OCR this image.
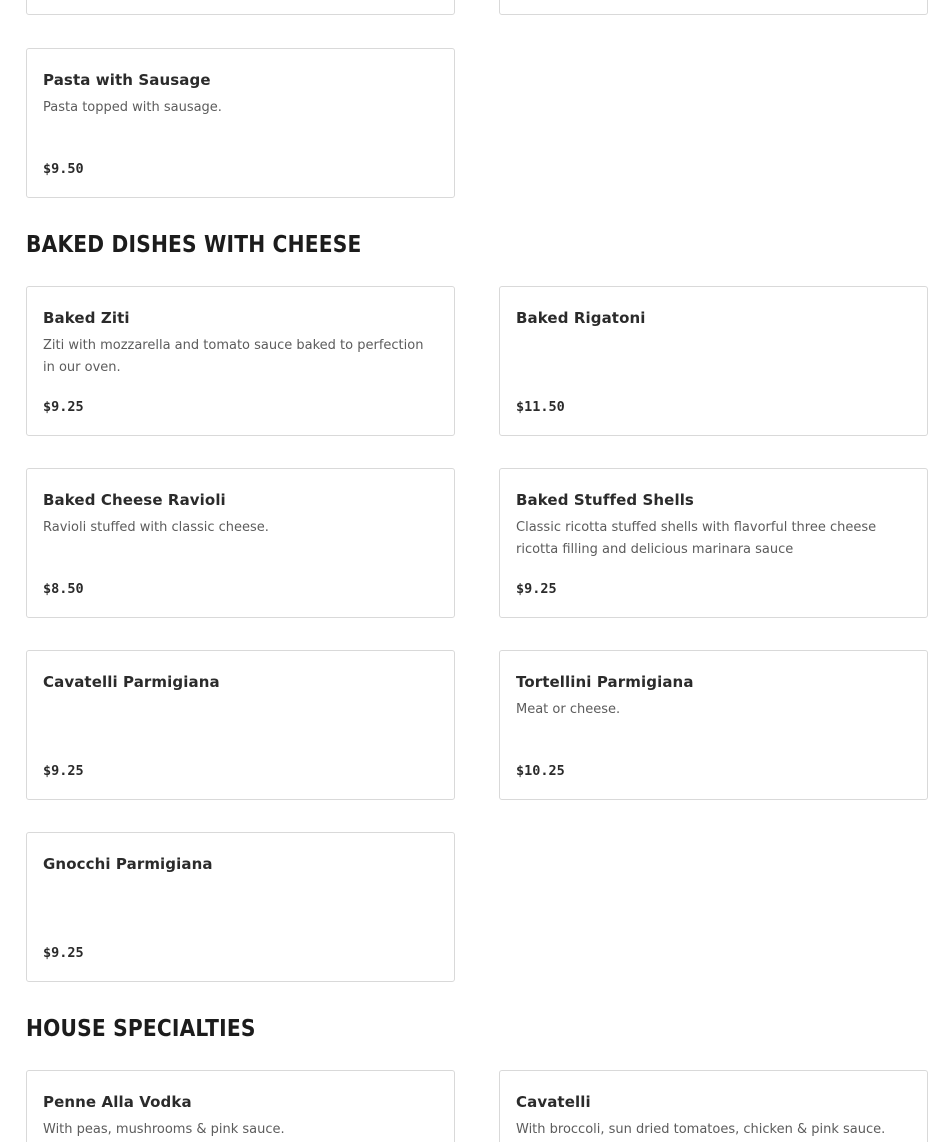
Pasta with Sausage
Pasta topped with sausage.
$9.50
BAKED DISHES WITH CHEESE
Baked Ziti
Ziti with mozzarella and tomato sauce baked to perfection in our oven.
$9.25
Baked Rigatoni
$11.50
Baked Cheese Ravioli
Ravioli stuffed with classic cheese.
$8.50
Baked Stuffed Shells
Classic ricotta stuffed shells with flavorful three cheese ricotta filling and delicious marinara sauce
$9.25
Cavatelli Parmigiana
$9.25
Tortellini Parmigiana
Meat or cheese.
$10.25
Gnocchi Parmigiana
$9.25
HOUSE SPECIALTIES
Penne Alla Vodka
With peas, mushrooms & pink sauce.
Cavatelli
With broccoli, sun dried tomatoes, chicken & pink sauce.
